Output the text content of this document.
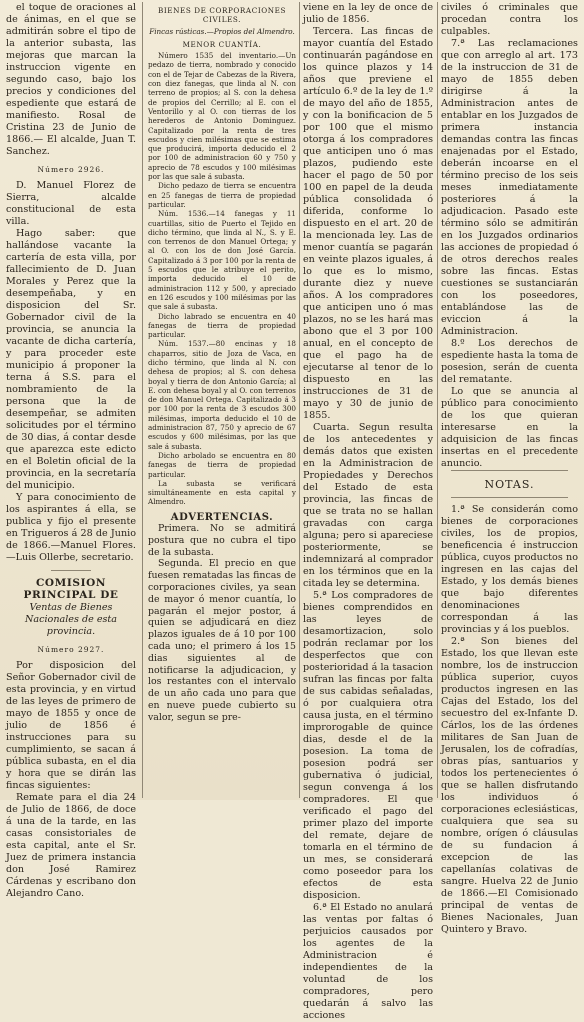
el toque de oraciones al de ánimas, en el que se admitirán sobre el tipo de la anterior subasta, las mejoras que marcan la instruccion vigente en segundo caso, bajo los precios y condiciones del espediente que estará de manifiesto. Rosal de Cristina 23 de Junio de 1866.— El alcalde, Juan T. Sanchez.

Número 2926.

D. Manuel Florez de Sierra, alcalde constitucional de esta villa.

Hago saber: que hallándose vacante la cartería de esta villa, por fallecimiento de D. Juan Morales y Perez que la desempeñaba, y en disposicion del Sr. Gobernador civil de la provincia, se anuncia la vacante de dicha cartería, y para proceder este municipio á proponer la terna á S.S. para el nombramiento de la persona que la de desempeñar, se admiten solicitudes por el término de 30 dias, á contar desde que aparezca este edicto en el Boletin oficial de la provincia, en la secretaría del municipio.

Y para conocimiento de los aspirantes á ella, se publica y fijo el presente en Trigueros á 28 de Junio de 1866.—Manuel Flores.—Luis Ollerbe, secretario.

COMISION PRINCIPAL DE
Ventas de Bienes Nacionales de esta provincia.
Número 2927.

Por disposicion del Señor Gobernador civil de esta provincia, y en virtud de las leyes de primero de mayo de 1855 y once de julio de 1856 é instrucciones para su cumplimiento, se sacan á pública subasta, en el dia y hora que se dirán las fincas siguientes:

Remate para el dia 24 de Julio de 1866, de doce á una de la tarde, en las casas consistoriales de esta capital, ante el Sr. Juez de primera instancia don José Ramirez Cárdenas y escribano don Alejandro Cano.

BIENES DE CORPORACIONES CIVILES.
Fincas rústicas.—Propios del Almendro.
MENOR CUANTÍA.

Número 1535 del inventario.—Un pedazo de tierra, nombrado y conocido con el de Tejar de Cabezas de la Rivera, con diez fanegas, que linda al N. con terreno de propios; al S. con la dehesa de propios del Cerrillo; al E. con el Ventorillo y al O. con tierras de los herederos de Antonio Dominguez. Capitalizado por la renta de tres escudos y cien milésimas que se estima que producirá, importa deducido el 2 por 100 de administracion 60 y 750 y aprecio de 78 escudos y 100 milésimas por las que sale á subasta.

Dicho pedazo de tierra se encuentra en 25 fanegas de tierra de propiedad particular.

Núm. 1536.—14 fanegas y 11 cuartillas, sitio de Puerto el Tejido en dicho término, que linda al N., S. y E. con terrenos de don Manuel Ortega; y al O. con los de don José García. Capitalizado á 3 por 100 por la renta de 5 escudos que le atribuye el perito, importa deducido el 10 de administracion 112 y 500, y apreciado en 126 escudos y 100 milésimas por las que sale á subasta.

Dicho labrado se encuentra en 40 fanegas de tierra de propiedad particular.

Núm. 1537.—80 encinas y 18 chaparros, sitio de Joza de Vaca, en dicho término, que linda al N. con dehesa de propios; al S. con dehesa boyal y tierra de don Antonio García; al E. con dehesa boyal y al O. con terrenos de don Manuel Ortega. Capitalizado á 3 por 100 por la renta de 3 escudos 300 milésimas, importa deducido el 10 de administracion 87, 750 y aprecio de 67 escudos y 600 milésimas, por las que sale á subasta.

Dicho arbolado se encuentra en 80 fanegas de tierra de propiedad particular.

La subasta se verificará simultáneamente en esta capital y Almendro.

ADVERTENCIAS.

Primera. No se admitirá postura que no cubra el tipo de la subasta.

Segunda. El precio en que fuesen rematadas las fincas de corporaciones civiles, ya sean de mayor ó menor cuantía, lo pagarán el mejor postor, á quien se adjudicará en diez plazos iguales de á 10 por 100 cada uno; el primero á los 15 dias siguientes al de notificarse la adjudicacion, y los restantes con el intervalo de un año cada uno para que en nueve puede cubierto su valor, segun se pre-

viene en la ley de once de julio de 1856.

Tercera. Las fincas de mayor cuantía del Estado continuarán pagándose en los quince plazos y 14 años que previene el artículo 6.º de la ley de 1.º de mayo del año de 1855, y con la bonificacion de 5 por 100 que el mismo otorga á los compradores que anticipen uno ó mas plazos, pudiendo este hacer el pago de 50 por 100 en papel de la deuda pública consolidada ó diferida, conforme lo dispuesto en el art. 20 de la mencionada ley. Las de menor cuantía se pagarán en veinte plazos iguales, á lo que es lo mismo, durante diez y nueve años. A los compradores que anticipen uno ó mas plazos, no se les hará mas abono que el 3 por 100 anual, en el concepto de que el pago ha de ejecutarse al tenor de lo dispuesto en las instrucciones de 31 de mayo y 30 de junio de 1855.

Cuarta. Segun resulta de los antecedentes y demás datos que existen en la Administracion de Propiedades y Derechos del Estado de esta provincia, las fincas de que se trata no se hallan gravadas con carga alguna; pero si apareciese posteriormente, se indemnizará al comprador en los términos que en la citada ley se determina.

5.ª Los compradores de bienes comprendidos en las leyes de desamortizacion, solo podrán reclamar por los desperfectos que con posterioridad á la tasacion sufran las fincas por falta de sus cabidas señaladas, ó por cualquiera otra causa justa, en el término improrogable de quince dias, desde el de la posesion. La toma de posesion podrá ser gubernativa ó judicial, segun convenga á los compradores. El que verificado el pago del primer plazo del importe del remate, dejare de tomarla en el término de un mes, se considerará como poseedor para los efectos de esta disposicion.

6.ª El Estado no anulará las ventas por faltas ó perjuicios causados por los agentes de la Administracion é independientes de la voluntad de los compradores, pero quedarán á salvo las acciones

civiles ó criminales que procedan contra los culpables.

7.ª Las reclamaciones que con arreglo al art. 173 de la instruccion de 31 de mayo de 1855 deben dirigirse á la Administracion antes de entablar en los Juzgados de primera instancia demandas contra las fincas enajenadas por el Estado, deberán incoarse en el término preciso de los seis meses inmediatamente posteriores á la adjudicacion. Pasado este término sólo se admitirán en los Juzgados ordinarios las acciones de propiedad ó de otros derechos reales sobre las fincas. Estas cuestiones se sustanciarán con los poseedores, entablándose las de eviccion á la Administracion.

8.º Los derechos de espediente hasta la toma de posesion, serán de cuenta del rematante.

Lo que se anuncia al público para conocimiento de los que quieran interesarse en la adquisicion de las fincas insertas en el precedente anuncio.

NOTAS.

1.ª Se considerán como bienes de corporaciones civiles, los de propios, beneficencia é instruccion pública, cuyos productos no ingresen en las cajas del Estado, y los demás bienes que bajo diferentes denominaciones correspondan á las provincias y á los pueblos.

2.ª Son bienes del Estado, los que llevan este nombre, los de instruccion pública superior, cuyos productos ingresen en las Cajas del Estado, los del secuestro del ex-Infante D. Cárlos, los de las órdenes militares de San Juan de Jerusalen, los de cofradías, obras pías, santuarios y todos los pertenecientes ó que se hallen disfrutando los individuos ó corporaciones eclesiásticas, cualquiera que sea su nombre, orígen ó cláusulas de su fundacion á excepcion de las capellanías colativas de sangre. Huelva 22 de Junio de 1866.—El Comisionado principal de ventas de Bienes Nacionales, Juan Quintero y Bravo.
